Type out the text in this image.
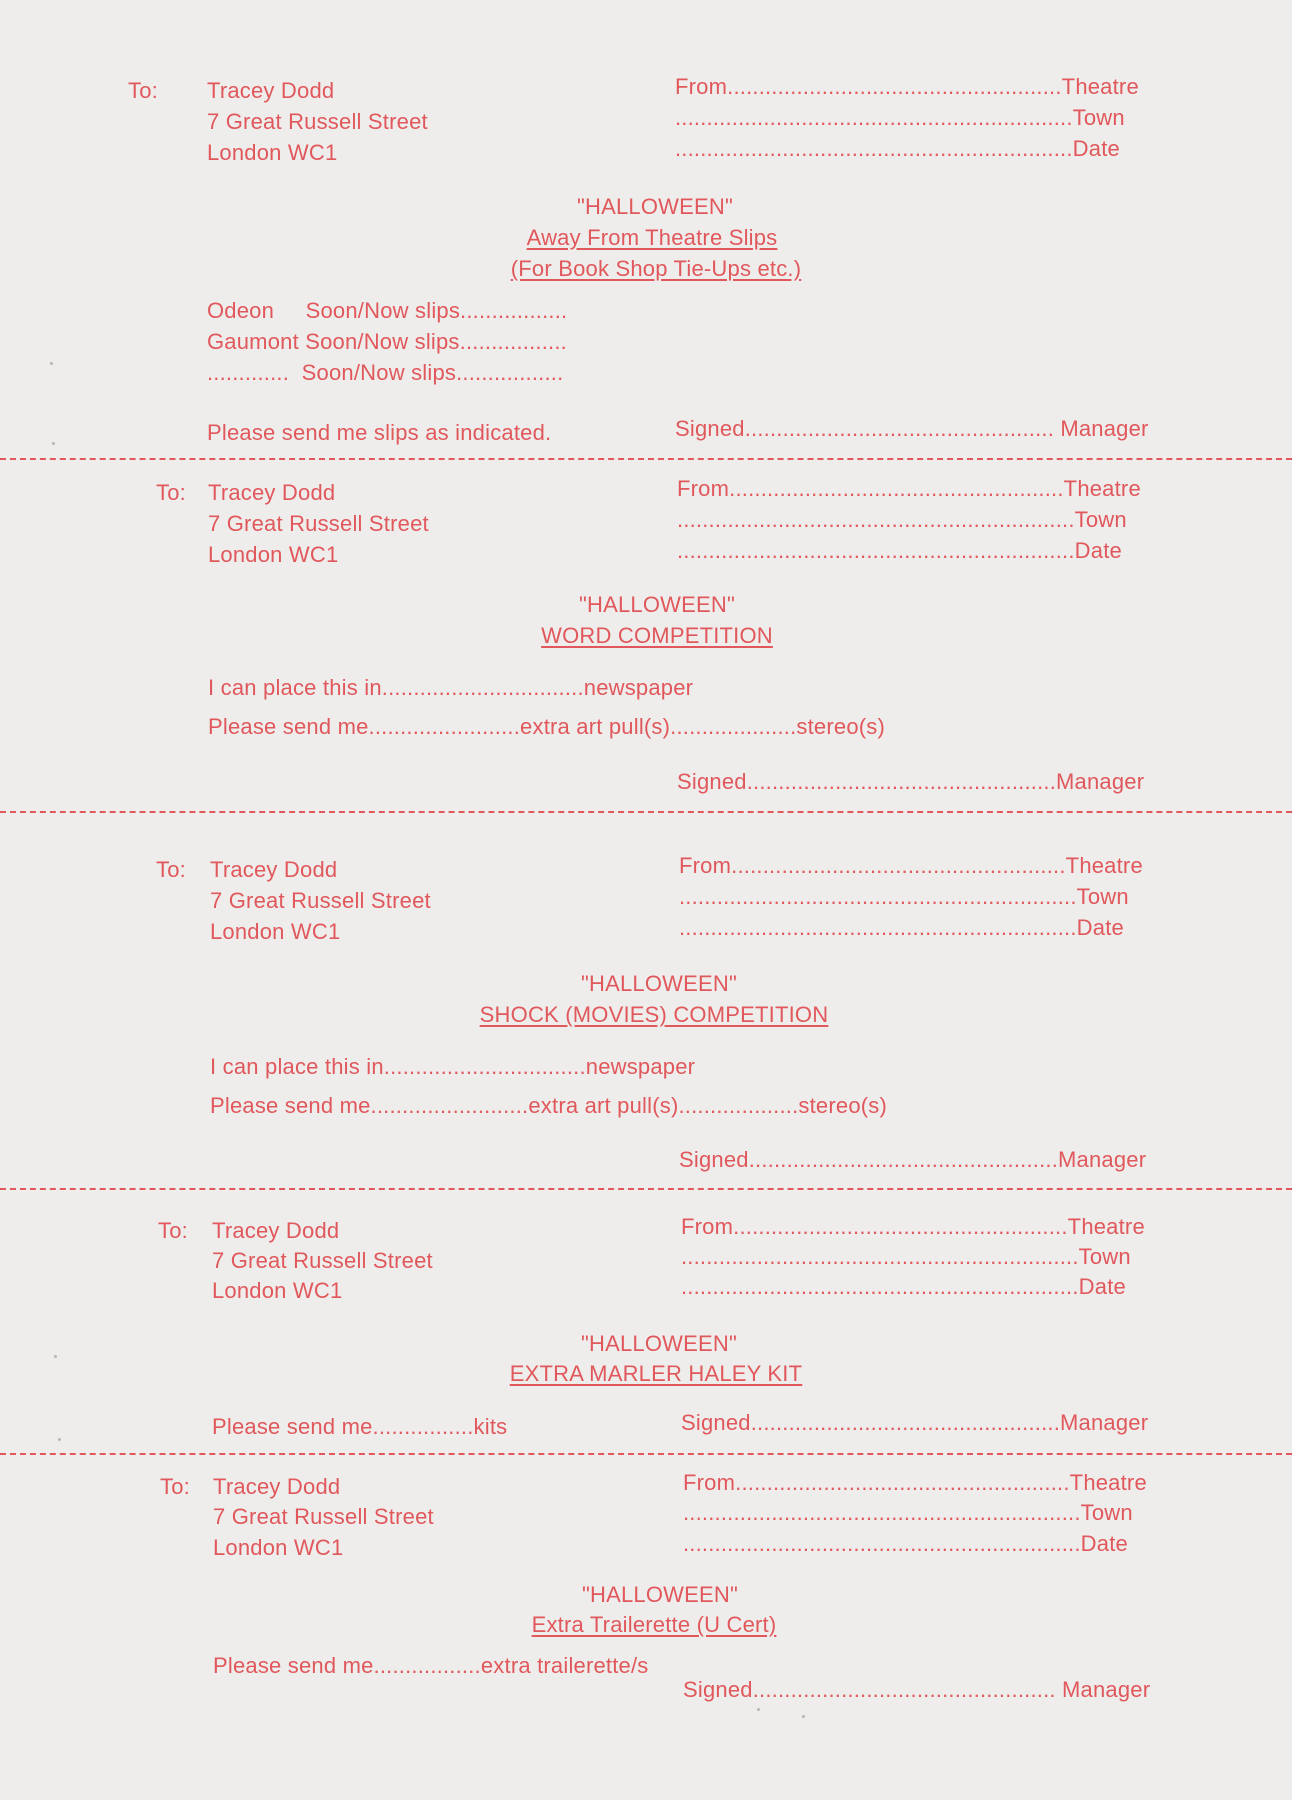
To: Tracey Dodd
7 Great Russell Street
London WC1
From.....................................................Theatre
...............................................................Town
...............................................................Date
"HALLOWEEN"
Away From Theatre Slips
(For Book Shop Tie-Ups etc.)
Odeon     Soon/Now slips.................
Gaumont Soon/Now slips.................
.............  Soon/Now slips.................
Please send me slips as indicated.	Signed................................................. Manager
To: Tracey Dodd
7 Great Russell Street
London WC1
From.....................................................Theatre
...............................................................Town
...............................................................Date
"HALLOWEEN"
WORD COMPETITION
I can place this in................................newspaper
Please send me........................extra art pull(s)....................stereo(s)
Signed.................................................Manager
To: Tracey Dodd
7 Great Russell Street
London WC1
From.....................................................Theatre
...............................................................Town
...............................................................Date
"HALLOWEEN"
SHOCK (MOVIES) COMPETITION
I can place this in................................newspaper
Please send me.........................extra art pull(s)...................stereo(s)
Signed.................................................Manager
To: Tracey Dodd
7 Great Russell Street
London WC1
From.....................................................Theatre
...............................................................Town
...............................................................Date
"HALLOWEEN"
EXTRA MARLER HALEY KIT
Please send me................kits	Signed.................................................Manager
To: Tracey Dodd
7 Great Russell Street
London WC1
From.....................................................Theatre
...............................................................Town
...............................................................Date
"HALLOWEEN"
Extra Trailerette (U Cert)
Please send me.................extra trailerette/s
Signed................................................ Manager
